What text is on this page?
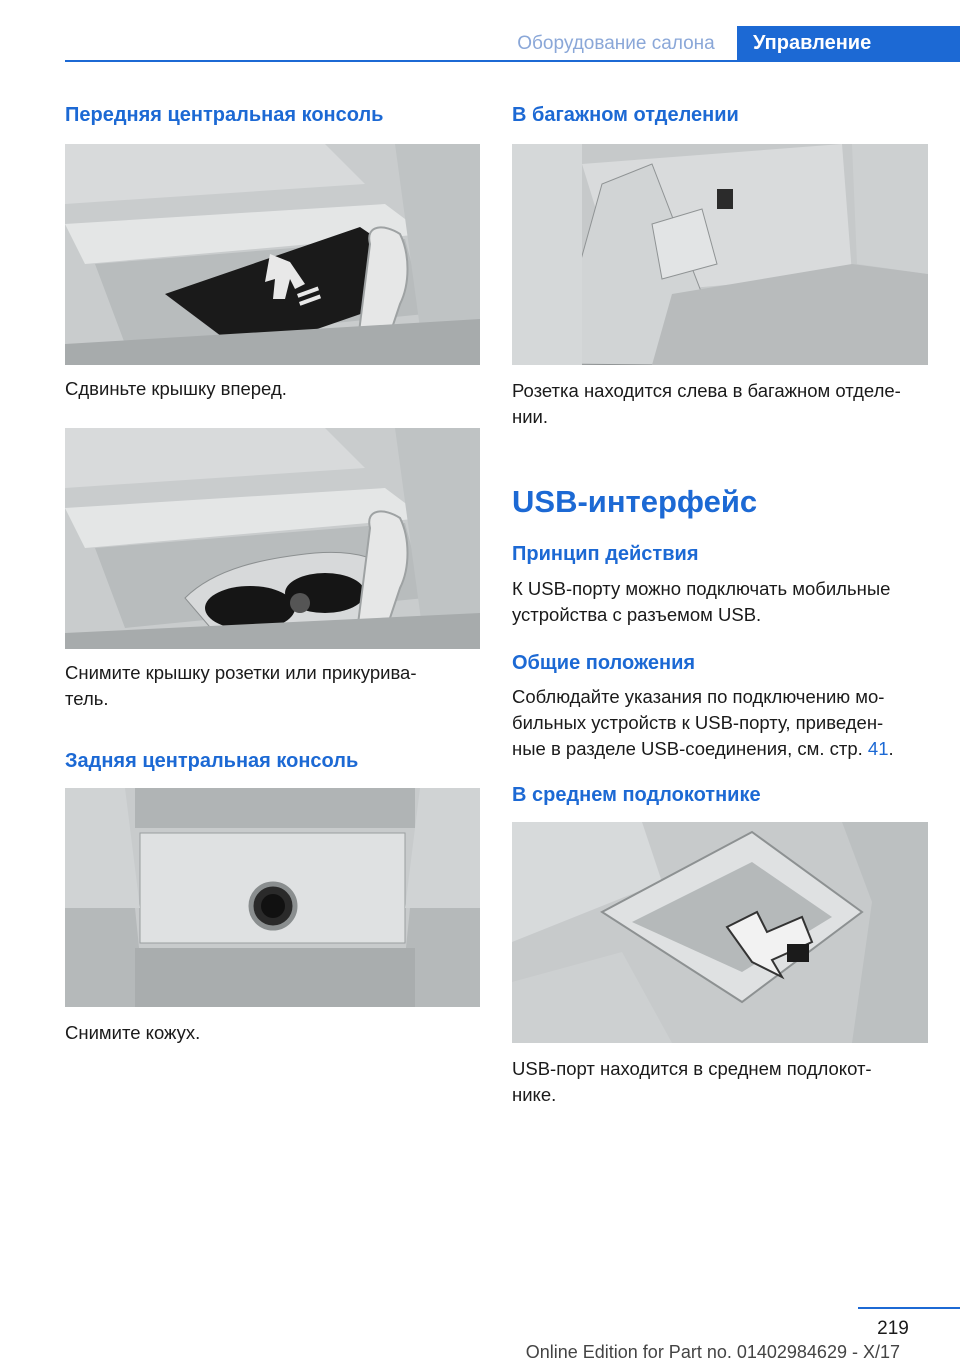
Оборудование салона	Управление
Передняя центральная консоль
Сдвиньте крышку вперед.
Снимите крышку розетки или прикурива-
тель.
Задняя центральная консоль
Снимите кожух.
В багажном отделении
Розетка находится слева в багажном отделе-
нии.
USB-интерфейс
Принцип действия
К USB-порту можно подключать мобильные
устройства с разъемом USB.
Общие положения
Соблюдайте указания по подключению мо-
бильных устройств к USB-порту, приведен-
ные в разделе USB-соединения, см. стр. 41.
В среднем подлокотнике
USB-порт находится в среднем подлокот-
нике.
219
Online Edition for Part no. 01402984629 - X/17
